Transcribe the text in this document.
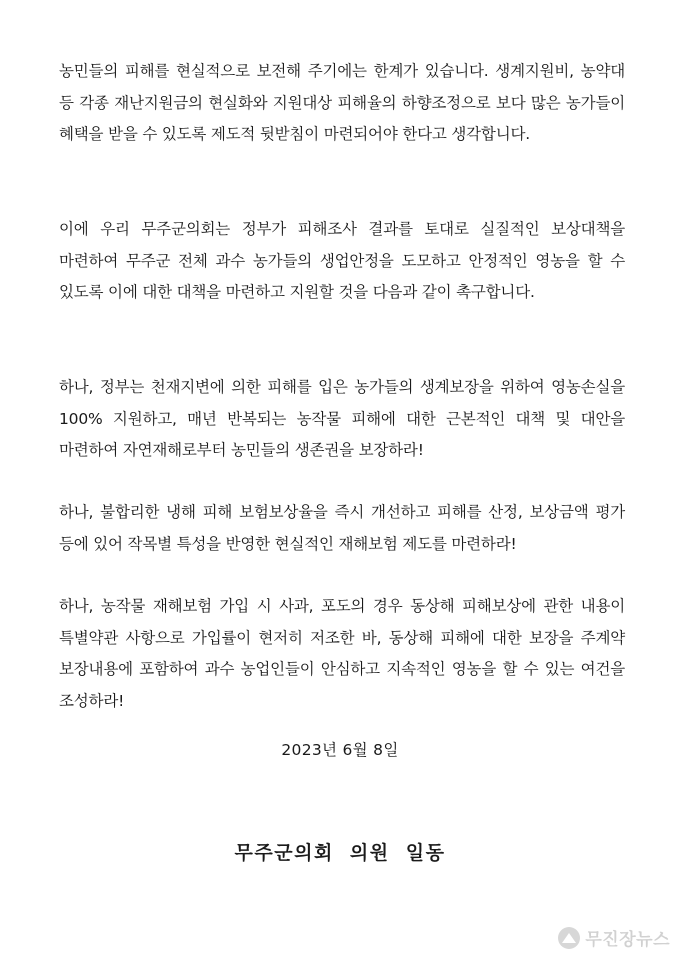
농민들의 피해를 현실적으로 보전해 주기에는 한계가 있습니다. 생계지원비, 농약대 등 각종 재난지원금의 현실화와 지원대상 피해율의 하향조정으로 보다 많은 농가들이 혜택을 받을 수 있도록 제도적 뒷받침이 마련되어야 한다고 생각합니다.

이에 우리 무주군의회는 정부가 피해조사 결과를 토대로 실질적인 보상대책을 마련하여 무주군 전체 과수 농가들의 생업안정을 도모하고 안정적인 영농을 할 수 있도록 이에 대한 대책을 마련하고 지원할 것을 다음과 같이 촉구합니다.

하나, 정부는 천재지변에 의한 피해를 입은 농가들의 생계보장을 위하여 영농손실을 100% 지원하고, 매년 반복되는 농작물 피해에 대한 근본적인 대책 및 대안을 마련하여 자연재해로부터 농민들의 생존권을 보장하라!

하나, 불합리한 냉해 피해 보험보상율을 즉시 개선하고 피해를 산정, 보상금액 평가 등에 있어 작목별 특성을 반영한 현실적인 재해보험 제도를 마련하라!

하나, 농작물 재해보험 가입 시 사과, 포도의 경우 동상해 피해보상에 관한 내용이 특별약관 사항으로 가입률이 현저히 저조한 바, 동상해 피해에 대한 보장을 주계약 보장내용에 포함하여 과수 농업인들이 안심하고 지속적인 영농을 할 수 있는 여건을 조성하라!

2023년 6월 8일
무주군의회 의원 일동
무진장뉴스
